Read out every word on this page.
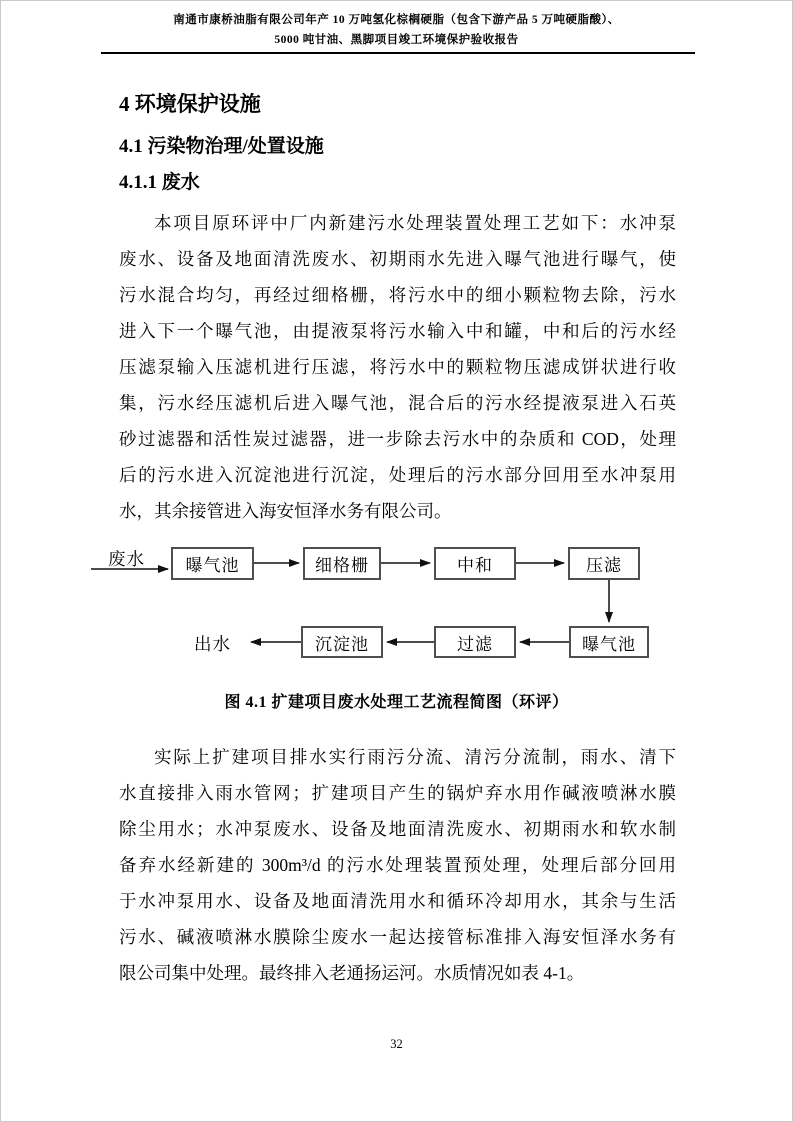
南通市康桥油脂有限公司年产 10 万吨氢化棕榈硬脂（包含下游产品 5 万吨硬脂酸）、
5000 吨甘油、黑脚项目竣工环境保护验收报告
4 环境保护设施
4.1 污染物治理/处置设施
4.1.1 废水
本项目原环评中厂内新建污水处理装置处理工艺如下：水冲泵
废水、设备及地面清洗废水、初期雨水先进入曝气池进行曝气，使
污水混合均匀，再经过细格栅，将污水中的细小颗粒物去除，污水
进入下一个曝气池，由提液泵将污水输入中和罐，中和后的污水经
压滤泵输入压滤机进行压滤，将污水中的颗粒物压滤成饼状进行收
集，污水经压滤机后进入曝气池，混合后的污水经提液泵进入石英
砂过滤器和活性炭过滤器，进一步除去污水中的杂质和 COD，处理
后的污水进入沉淀池进行沉淀，处理后的污水部分回用至水冲泵用
水，其余接管进入海安恒泽水务有限公司。
废水	曝气池	细格栅	中和	压滤
曝气池
过滤
沉淀池
出水
图 4.1 扩建项目废水处理工艺流程简图（环评）
实际上扩建项目排水实行雨污分流、清污分流制，雨水、清下
水直接排入雨水管网；扩建项目产生的锅炉弃水用作碱液喷淋水膜
除尘用水；水冲泵废水、设备及地面清洗废水、初期雨水和软水制
备弃水经新建的 300m³/d 的污水处理装置预处理，处理后部分回用
于水冲泵用水、设备及地面清洗用水和循环冷却用水，其余与生活
污水、碱液喷淋水膜除尘废水一起达接管标准排入海安恒泽水务有
限公司集中处理。最终排入老通扬运河。水质情况如表 4-1。
32
